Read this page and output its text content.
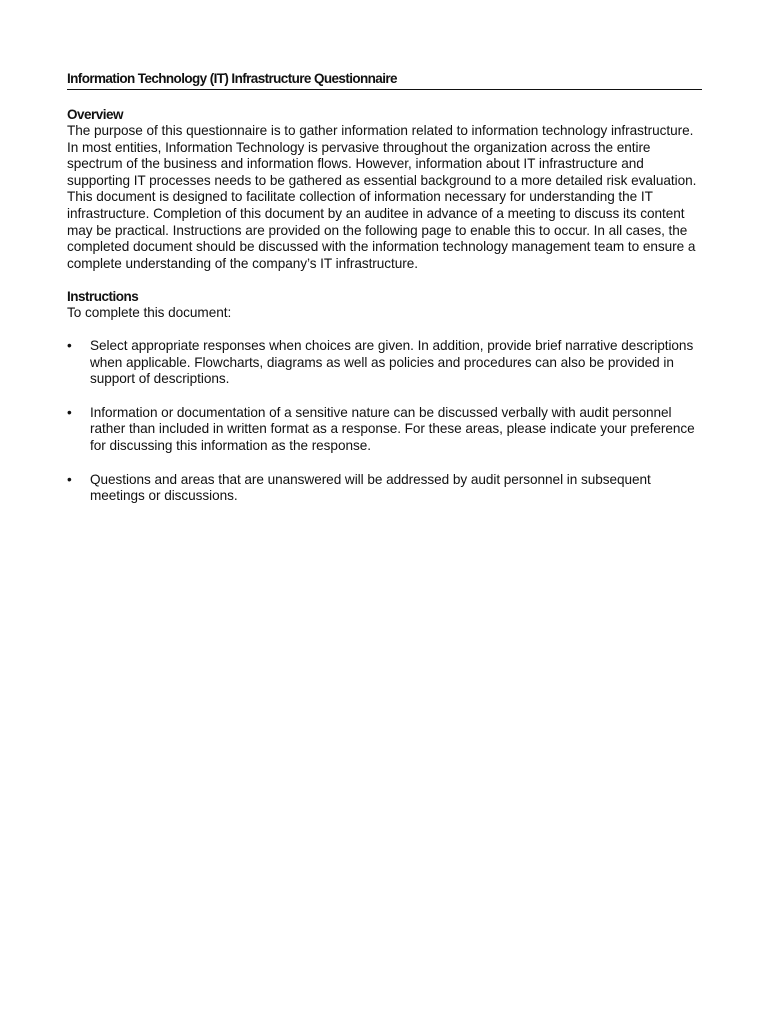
Information Technology (IT) Infrastructure Questionnaire
Overview

The purpose of this questionnaire is to gather information related to information technology infrastructure. In most entities, Information Technology is pervasive throughout the organization across the entire spectrum of the business and information flows. However, information about IT infrastructure and supporting IT processes needs to be gathered as essential background to a more detailed risk evaluation.

This document is designed to facilitate collection of information necessary for understanding the IT infrastructure. Completion of this document by an auditee in advance of a meeting to discuss its content may be practical. Instructions are provided on the following page to enable this to occur. In all cases, the completed document should be discussed with the information technology management team to ensure a complete understanding of the company’s IT infrastructure.

Instructions

To complete this document:

•	Select appropriate responses when choices are given. In addition, provide brief narrative descriptions when applicable. Flowcharts, diagrams as well as policies and procedures can also be provided in support of descriptions.
•	Information or documentation of a sensitive nature can be discussed verbally with audit personnel rather than included in written format as a response. For these areas, please indicate your preference for discussing this information as the response.
•	Questions and areas that are unanswered will be addressed by audit personnel in subsequent meetings or discussions.
